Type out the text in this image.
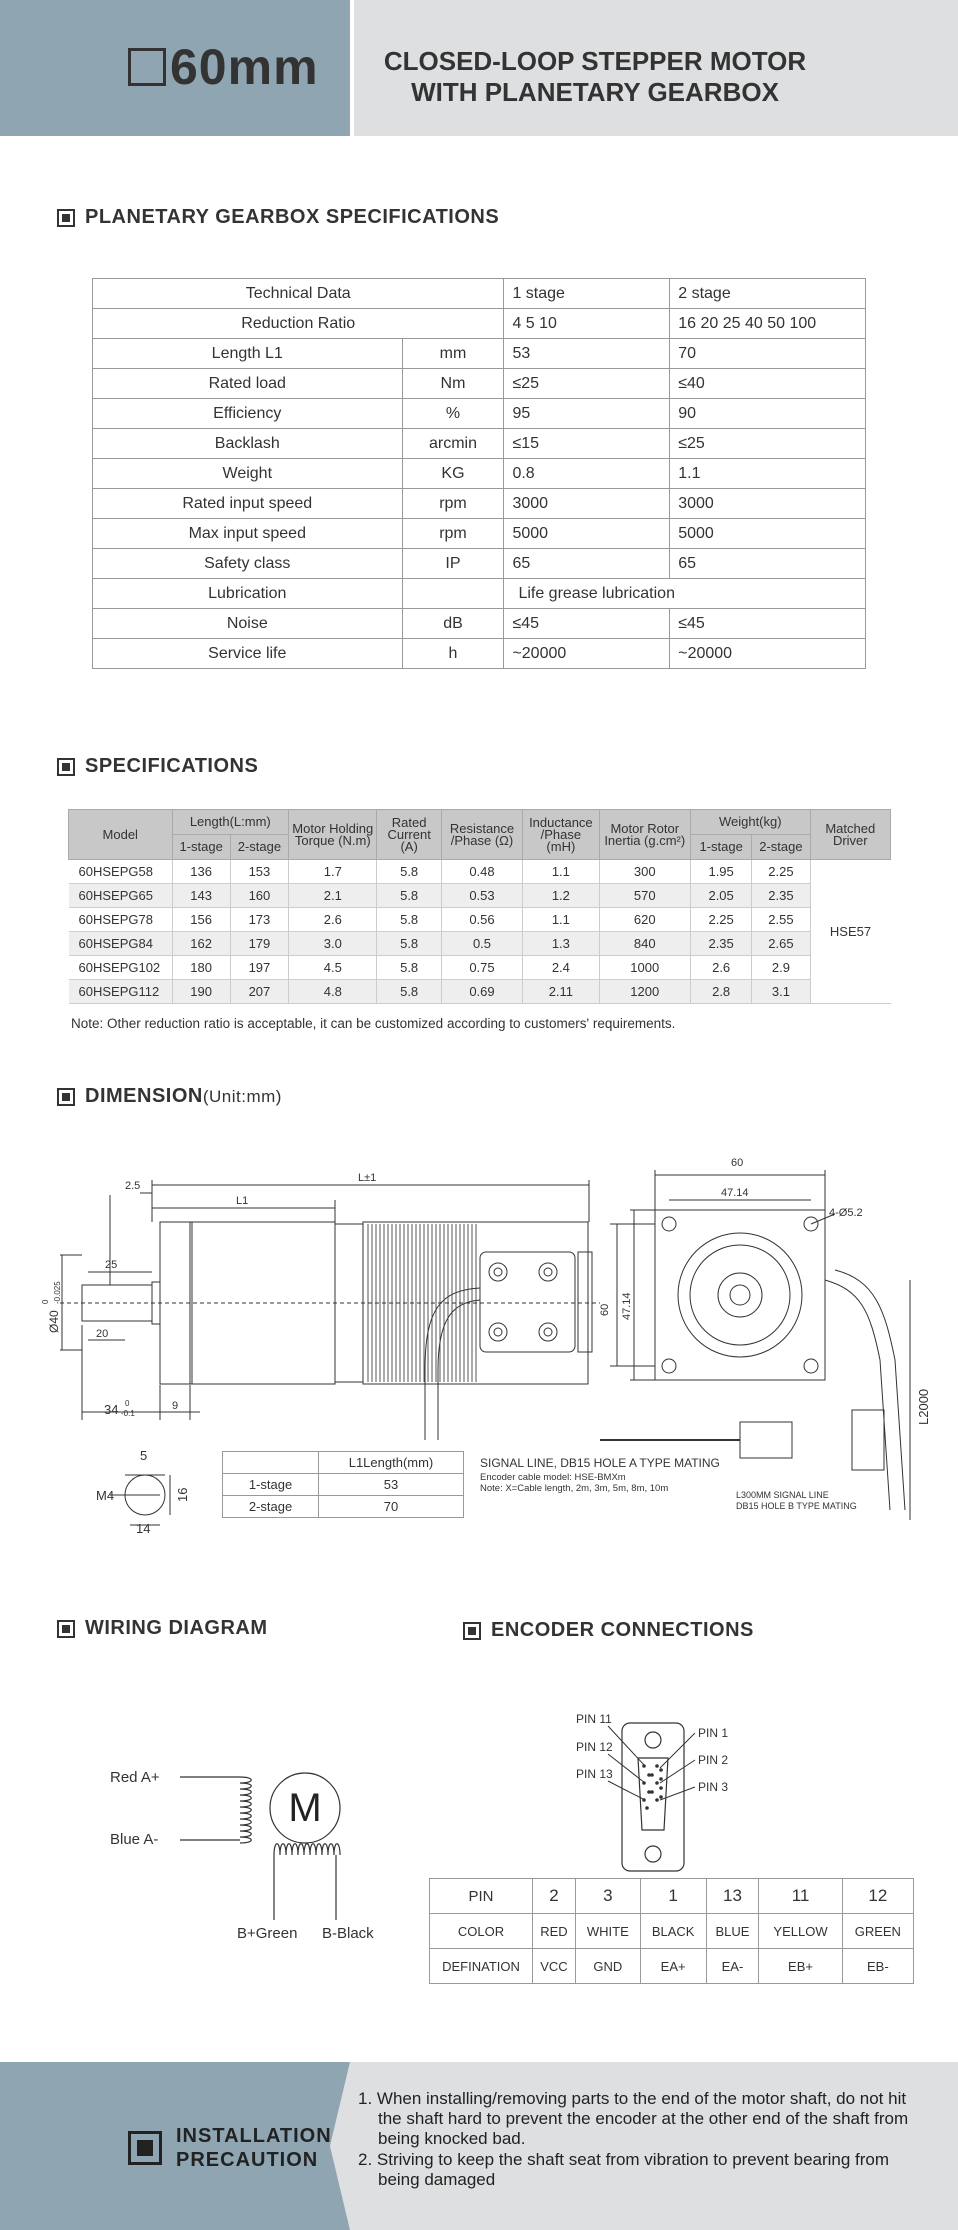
60mm	CLOSED-LOOP STEPPER MOTOR
WITH PLANETARY GEARBOX
PLANETARY GEARBOX SPECIFICATIONS
Technical Data		1 stage	2 stage
Reduction Ratio		4 5 10	16 20 25 40 50 100
Length L1	mm	53	70
Rated load	Nm	≤25	≤40
Efficiency	%	95	90
Backlash	arcmin	≤15	≤25
Weight	KG	0.8	1.1
Rated input speed	rpm	3000	3000
Max input speed	rpm	5000	5000
Safety class	IP	65	65
Lubrication		Life grease lubrication	
Noise	dB	≤45	≤45
Service life	h	~20000	~20000
SPECIFICATIONS
Model	Length(L:mm)		Motor Holding Torque (N.m)	Rated Current (A)	Resistance /Phase (Ω)	Inductance /Phase (mH)	Motor Rotor Inertia (g.cm²)	Weight(kg)		Matched Driver
	1-stage	2-stage						1-stage	2-stage	
60HSEPG58	136	153	1.7	5.8	0.48	1.1	300	1.95	2.25	HSE57
60HSEPG65	143	160	2.1	5.8	0.53	1.2	570	2.05	2.35	
60HSEPG78	156	173	2.6	5.8	0.56	1.1	620	2.25	2.55	
60HSEPG84	162	179	3.0	5.8	0.5	1.3	840	2.35	2.65	
60HSEPG102	180	197	4.5	5.8	0.75	2.4	1000	2.6	2.9	
60HSEPG112	190	207	4.8	5.8	0.69	2.11	1200	2.8	3.1	
Note: Other reduction ratio is acceptable, it can be customized according to customers' requirements.
DIMENSION (Unit:mm)
2.5
L±1
L1
25
20
Ø40
-0.025
0
34 0
-0.1
9
60
47.14
4-Ø5.2
60 47.14
L2000
5
16
14
M4
SIGNAL LINE, DB15 HOLE A TYPE MATING
Encoder cable model: HSE-BMXm
Note: X=Cable length, 2m, 3m, 5m, 8m, 10m
L300MM SIGNAL LINE
DB15 HOLE B TYPE MATING
	L1Length(mm)
1-stage	53
2-stage	70
WIRING DIAGRAM
M
Red A+
Blue A-
B+Green B-Black
ENCODER CONNECTIONS
PIN 11
PIN 12
PIN 13
PIN 1
PIN 2
PIN 3
PIN	2	3	1	13	11	12
COLOR	RED	WHITE	BLACK	BLUE	YELLOW	GREEN
DEFINATION	VCC	GND	EA+	EA-	EB+	EB-
INSTALLATION
PRECAUTION
1. When installing/removing parts to the end of the motor shaft, do not hit the shaft hard to prevent the encoder at the other end of the shaft from being knocked bad.
2. Striving to keep the shaft seat from vibration to prevent bearing from being damaged
